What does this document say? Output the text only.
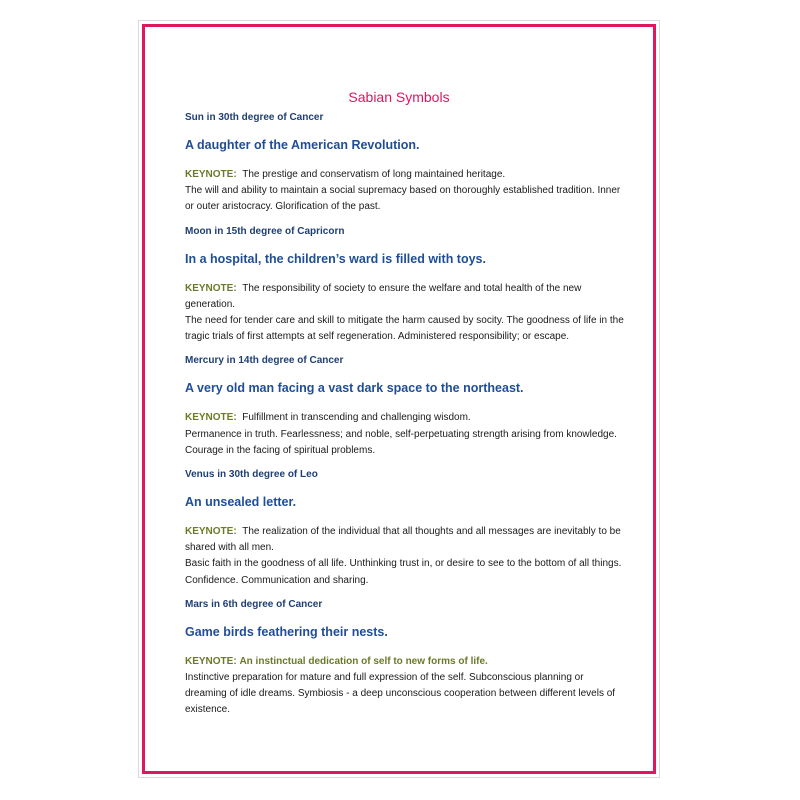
Sabian Symbols
Sun in 30th degree of Cancer
A daughter of the American Revolution.

KEYNOTE: The prestige and conservatism of long maintained heritage.

The will and ability to maintain a social supremacy based on thoroughly established tradition. Inner or outer aristocracy. Glorification of the past.

Moon in 15th degree of Capricorn
In a hospital, the children’s ward is filled with toys.

KEYNOTE: The responsibility of society to ensure the welfare and total health of the new generation.

The need for tender care and skill to mitigate the harm caused by socity. The goodness of life in the tragic trials of first attempts at self regeneration. Administered responsibility; or escape.

Mercury in 14th degree of Cancer
A very old man facing a vast dark space to the northeast.

KEYNOTE: Fulfillment in transcending and challenging wisdom.

Permanence in truth. Fearlessness; and noble, self-perpetuating strength arising from knowledge. Courage in the facing of spiritual problems.

Venus in 30th degree of Leo
An unsealed letter.

KEYNOTE: The realization of the individual that all thoughts and all messages are inevitably to be shared with all men.

Basic faith in the goodness of all life. Unthinking trust in, or desire to see to the bottom of all things. Confidence. Communication and sharing.

Mars in 6th degree of Cancer
Game birds feathering their nests.

KEYNOTE: An instinctual dedication of self to new forms of life.

Instinctive preparation for mature and full expression of the self. Subconscious planning or dreaming of idle dreams. Symbiosis - a deep unconscious cooperation between different levels of existence.
